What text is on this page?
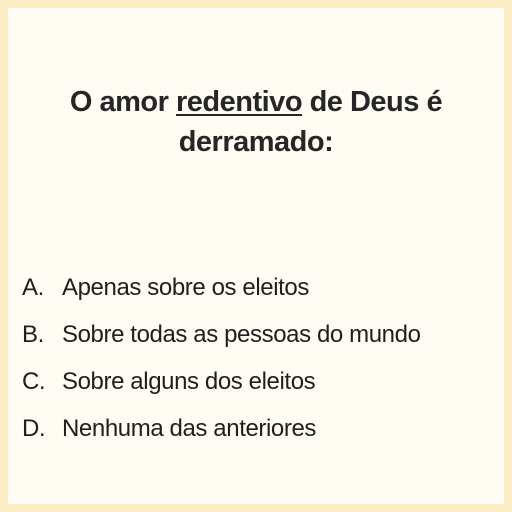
O amor redentivo de Deus é derramado:
A. Apenas sobre os eleitos
B. Sobre todas as pessoas do mundo
C. Sobre alguns dos eleitos
D. Nenhuma das anteriores
